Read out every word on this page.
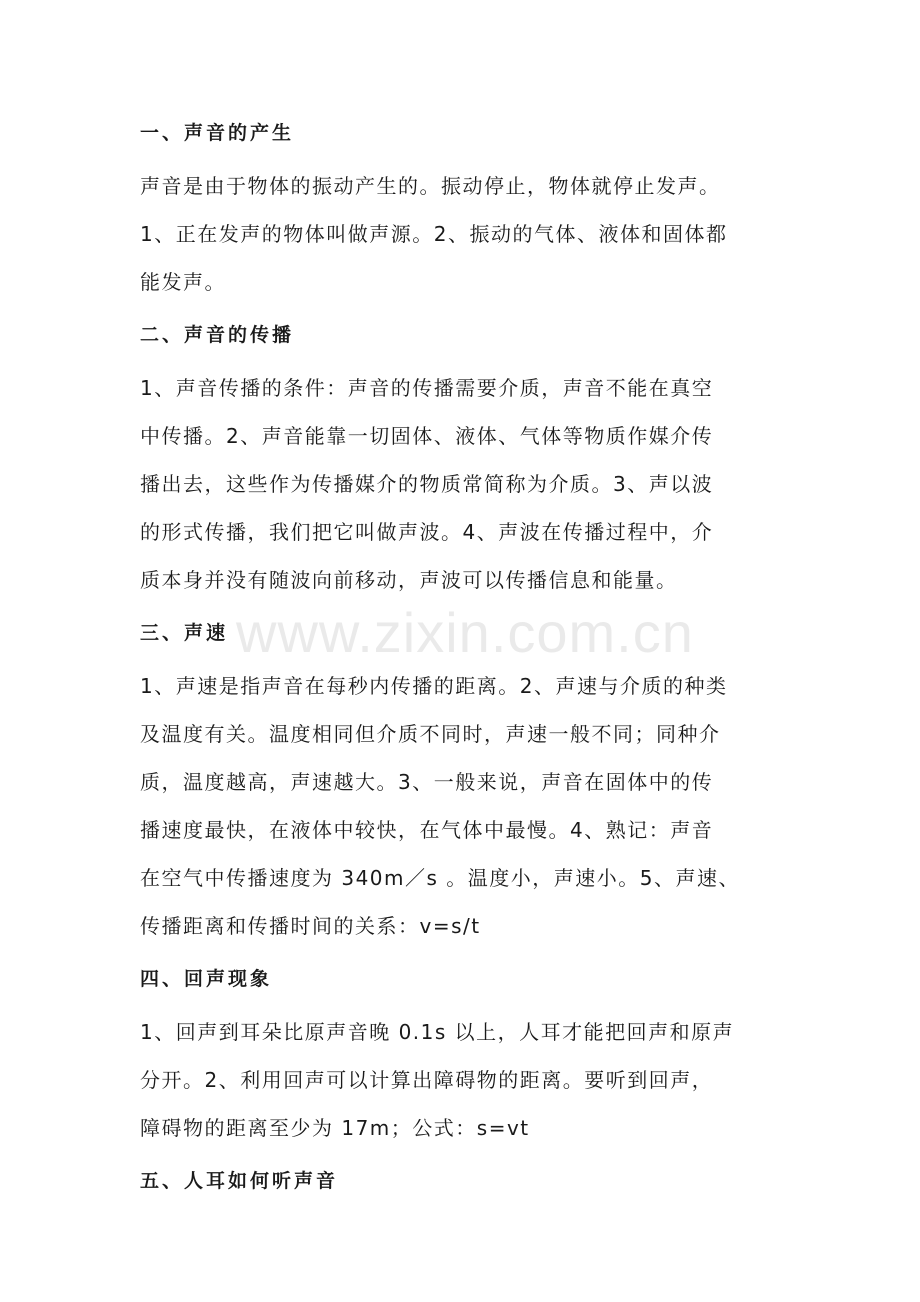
www.zixin.com.cn
一、声音的产生
声音是由于物体的振动产生的。振动停止，物体就停止发声。
1、正在发声的物体叫做声源。2、振动的气体、液体和固体都
能发声。
二、声音的传播
1、声音传播的条件：声音的传播需要介质，声音不能在真空
中传播。2、声音能靠一切固体、液体、气体等物质作媒介传
播出去，这些作为传播媒介的物质常简称为介质。3、声以波
的形式传播，我们把它叫做声波。4、声波在传播过程中，介
质本身并没有随波向前移动，声波可以传播信息和能量。
三、声速
1、声速是指声音在每秒内传播的距离。2、声速与介质的种类
及温度有关。温度相同但介质不同时，声速一般不同；同种介
质，温度越高，声速越大。3、一般来说，声音在固体中的传
播速度最快，在液体中较快，在气体中最慢。4、熟记：声音
在空气中传播速度为 340m／s 。温度小，声速小。5、声速、
传播距离和传播时间的关系：v=s/t
四、回声现象
1、回声到耳朵比原声音晚 0.1s 以上，人耳才能把回声和原声
分开。2、利用回声可以计算出障碍物的距离。要听到回声，
障碍物的距离至少为 17m；公式：s=vt
五、人耳如何听声音
